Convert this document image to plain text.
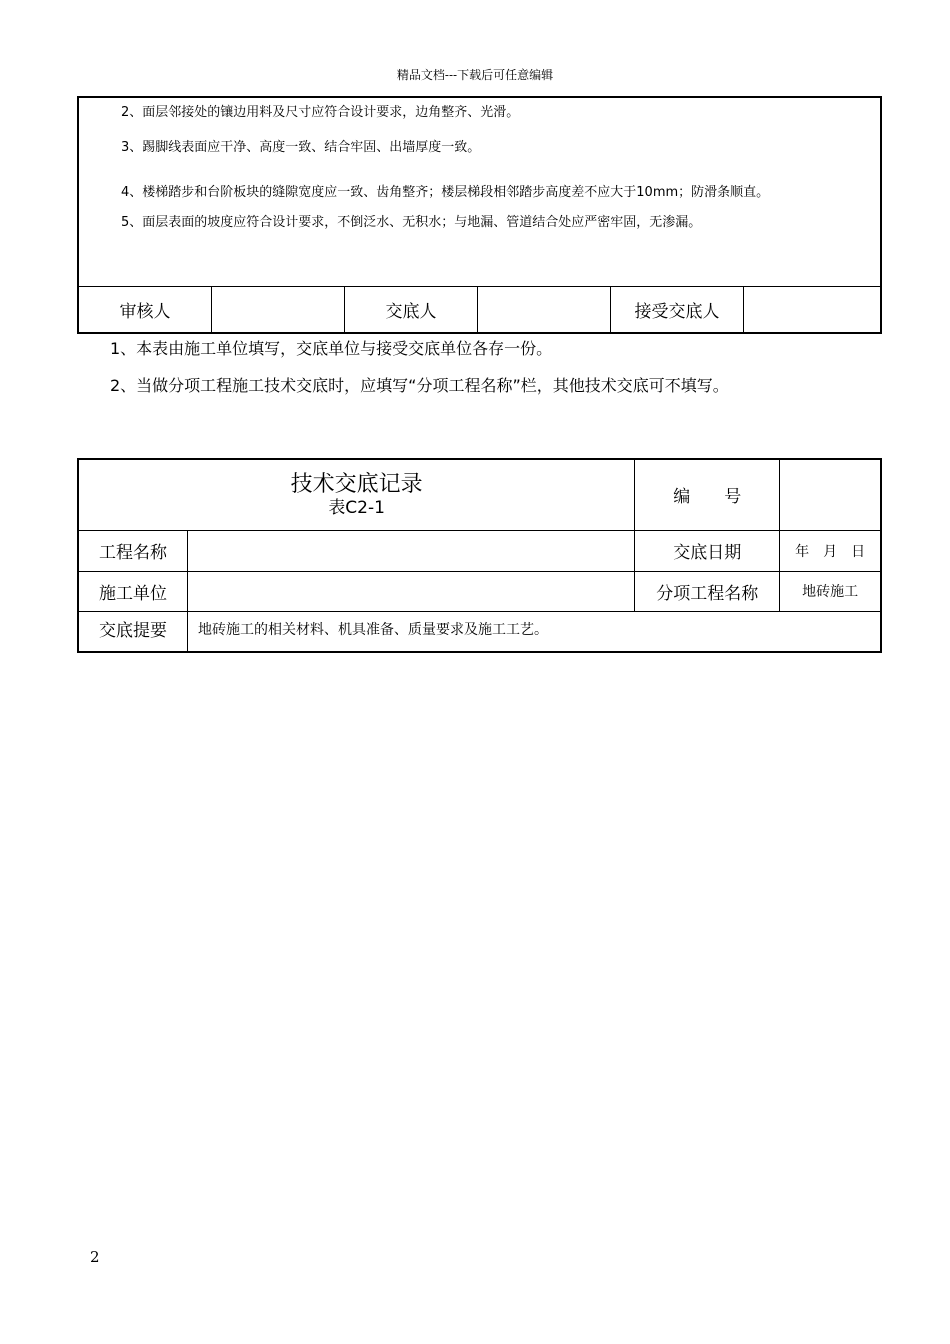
精品文档---下载后可任意编辑

2、面层邻接处的镶边用料及尺寸应符合设计要求，边角整齐、光滑。

3、踢脚线表面应干净、高度一致、结合牢固、出墙厚度一致。

4、楼梯踏步和台阶板块的缝隙宽度应一致、齿角整齐；楼层梯段相邻踏步高度差不应大于10mm；防滑条顺直。

5、面层表面的坡度应符合设计要求，不倒泛水、无积水；与地漏、管道结合处应严密牢固，无渗漏。

审核人		交底人		接受交底人	
1、本表由施工单位填写，交底单位与接受交底单位各存一份。
2、当做分项工程施工技术交底时，应填写“分项工程名称”栏，其他技术交底可不填写。
技术交底记录
表C2-1		编　　号	
工程名称		交底日期	年　月　日
施工单位		分项工程名称	地砖施工
交底提要	地砖施工的相关材料、机具准备、质量要求及施工工艺。		
2
